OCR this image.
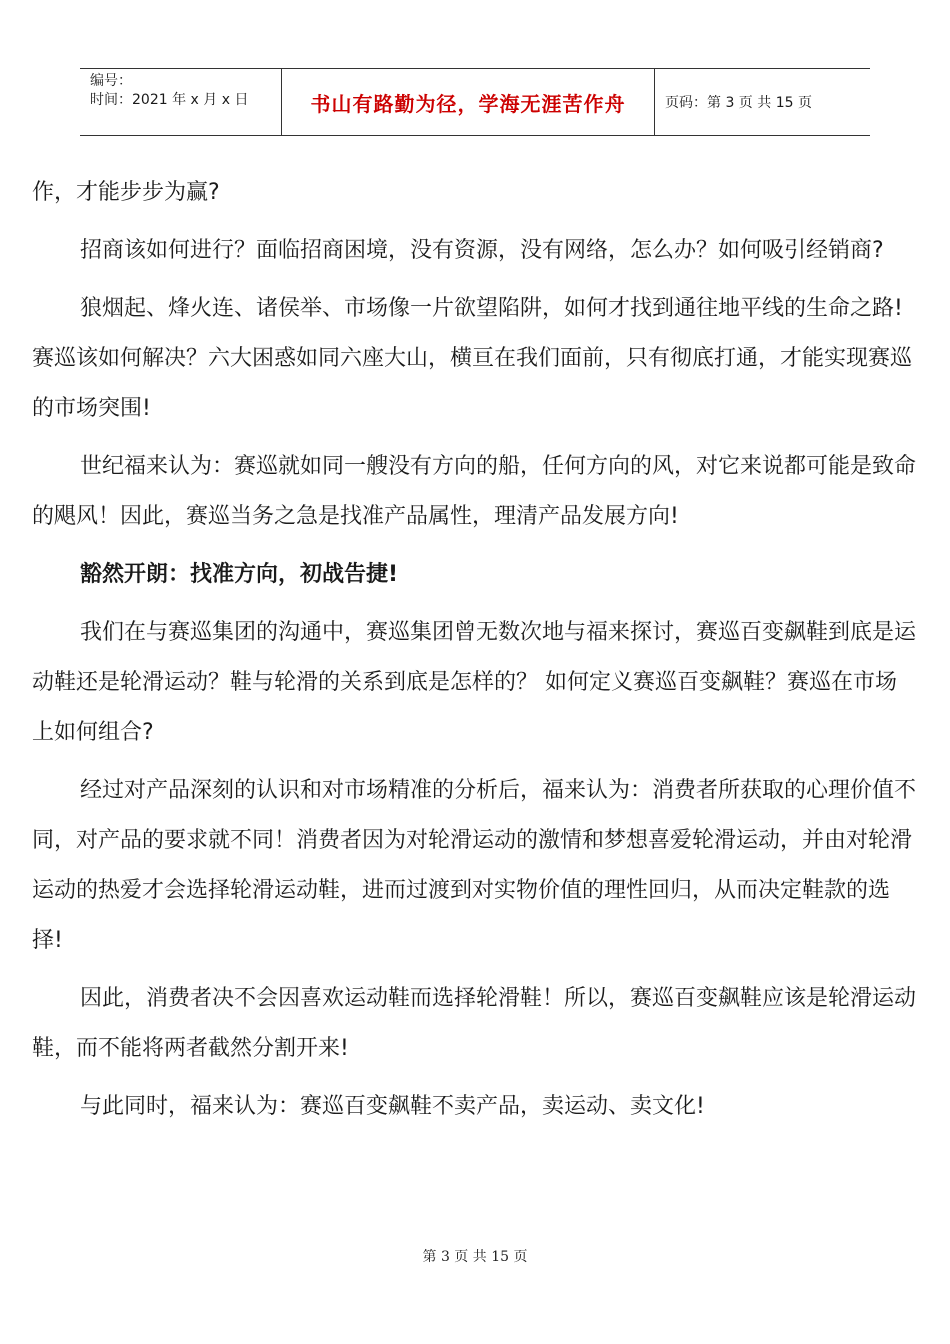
编号：
时间：2021 年 x 月 x 日	书山有路勤为径，学海无涯苦作舟	页码：第 3 页 共 15 页

作，才能步步为赢?

招商该如何进行？面临招商困境，没有资源，没有网络，怎么办？如何吸引经销商?

狼烟起、烽火连、诸侯举、市场像一片欲望陷阱，如何才找到通往地平线的生命之路! 赛巡该如何解决？六大困惑如同六座大山，横亘在我们面前，只有彻底打通，才能实现赛巡的市场突围!

世纪福来认为：赛巡就如同一艘没有方向的船，任何方向的风，对它来说都可能是致命的飓风！因此，赛巡当务之急是找准产品属性，理清产品发展方向!

豁然开朗：找准方向，初战告捷!

我们在与赛巡集团的沟通中，赛巡集团曾无数次地与福来探讨，赛巡百变飙鞋到底是运动鞋还是轮滑运动？鞋与轮滑的关系到底是怎样的？ 如何定义赛巡百变飙鞋？赛巡在市场上如何组合?

经过对产品深刻的认识和对市场精准的分析后，福来认为：消费者所获取的心理价值不同，对产品的要求就不同！消费者因为对轮滑运动的激情和梦想喜爱轮滑运动，并由对轮滑运动的热爱才会选择轮滑运动鞋，进而过渡到对实物价值的理性回归，从而决定鞋款的选择!

因此，消费者决不会因喜欢运动鞋而选择轮滑鞋！所以，赛巡百变飙鞋应该是轮滑运动鞋，而不能将两者截然分割开来!

与此同时，福来认为：赛巡百变飙鞋不卖产品，卖运动、卖文化!

第 3 页 共 15 页
